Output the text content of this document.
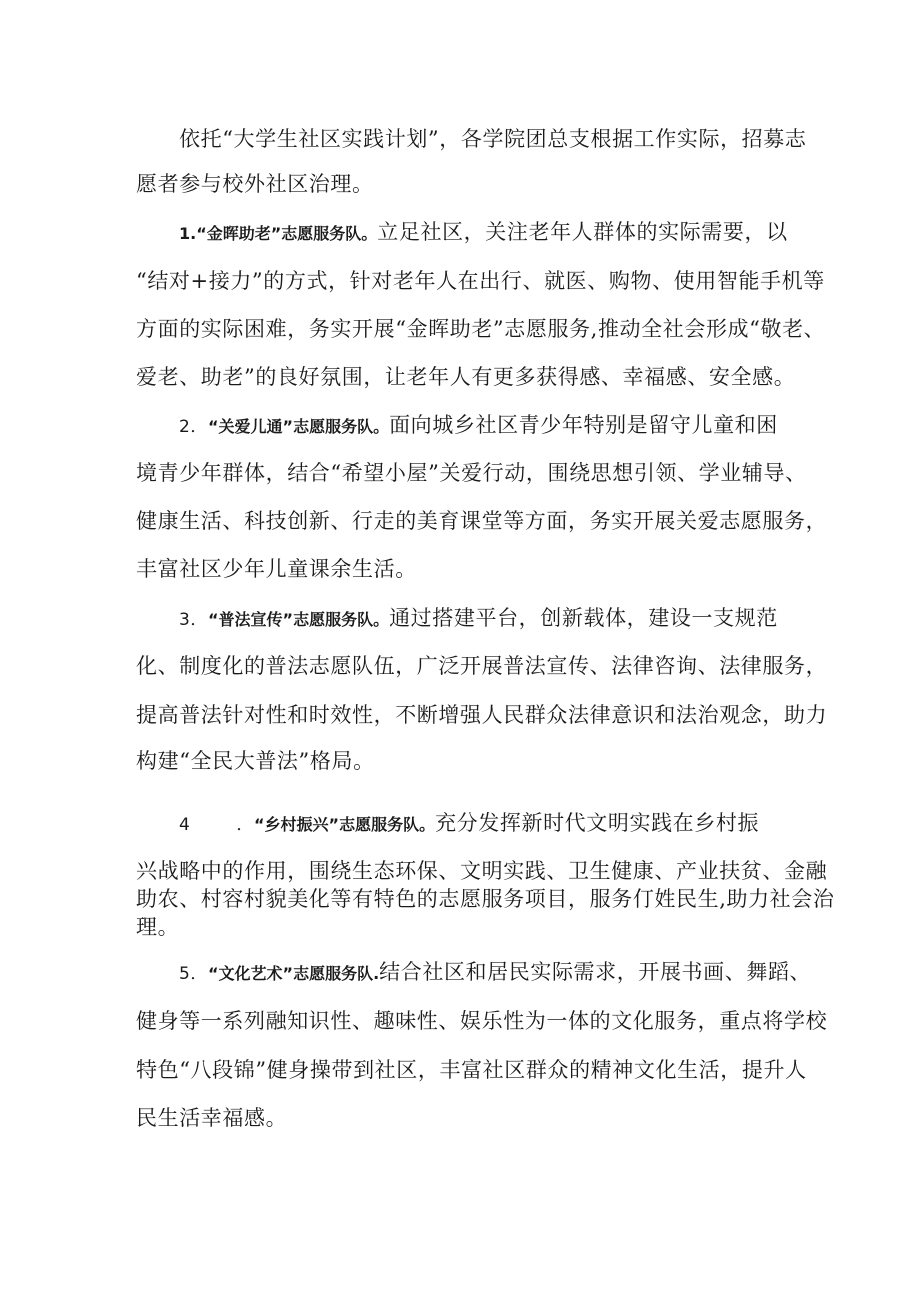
依托“大学生社区实践计划”，各学院团总支根据工作实际，招募志
愿者参与校外社区治理。
1.“金晖助老”志愿服务队。立足社区，关注老年人群体的实际需要，以
“结对+接力”的方式，针对老年人在出行、就医、购物、使用智能手机等
方面的实际困难，务实开展“金晖助老”志愿服务,推动全社会形成“敬老、
爱老、助老”的良好氛围，让老年人有更多获得感、幸福感、安全感。
2．“关爱儿通”志愿服务队。面向城乡社区青少年特别是留守儿童和困
境青少年群体，结合“希望小屋”关爱行动，围绕思想引领、学业辅导、
健康生活、科技创新、行走的美育课堂等方面，务实开展关爱志愿服务，
丰富社区少年儿童课余生活。
3．“普法宣传”志愿服务队。通过搭建平台，创新载体，建设一支规范
化、制度化的普法志愿队伍，广泛开展普法宣传、法律咨询、法律服务，
提高普法针对性和时效性，不断增强人民群众法律意识和法治观念，助力
构建“全民大普法”格局。
4	．“乡村振兴”志愿服务队。充分发挥新时代文明实践在乡村振
兴战略中的作用，围绕生态环保、文明实践、卫生健康、产业扶贫、金融
助农、村容村貌美化等有特色的志愿服务项目，服务仃姓民生,助力社会治
理。
5．“文化艺术”志愿服务队.结合社区和居民实际需求，开展书画、舞蹈、
健身等一系列融知识性、趣味性、娱乐性为一体的文化服务，重点将学校
特色“八段锦”健身操带到社区，丰富社区群众的精神文化生活，提升人
民生活幸福感。
